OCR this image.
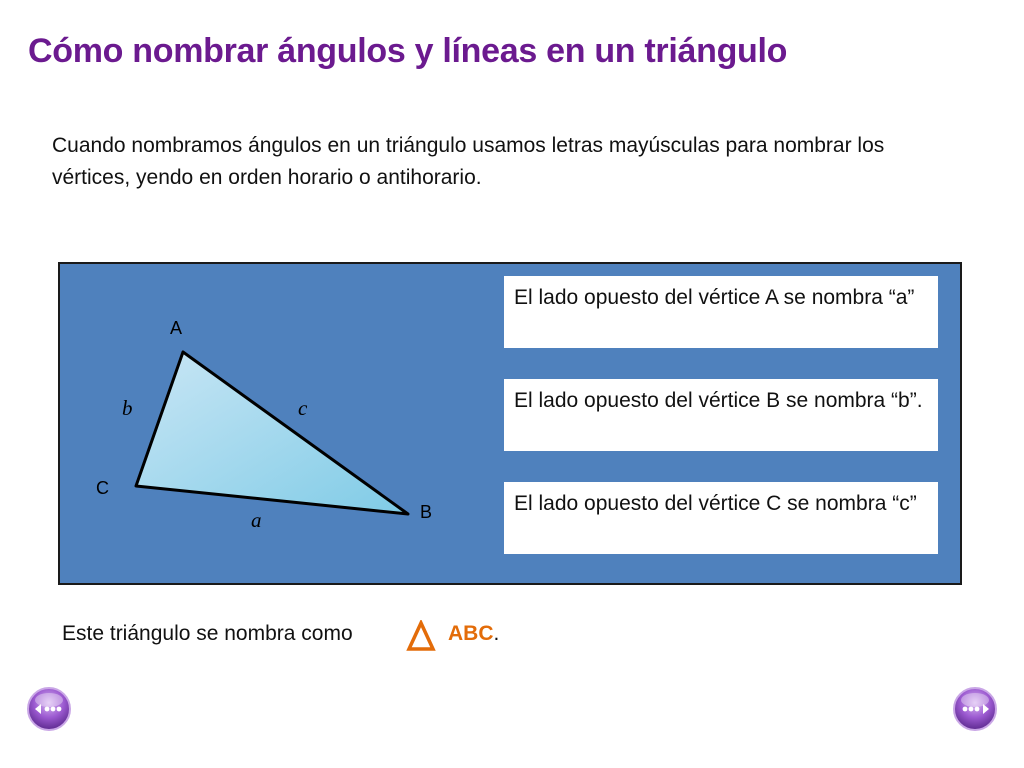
Cómo nombrar ángulos y líneas en un triángulo

Cuando nombramos ángulos en un triángulo usamos letras mayúsculas para nombrar los vértices, yendo en orden horario o antihorario.

A
B
C
b	c
a
El lado opuesto del vértice A se nombra “a”
El lado opuesto del vértice B se nombra “b”.
El lado opuesto del vértice C se nombra “c”
Este triángulo se nombra como	ABC.
